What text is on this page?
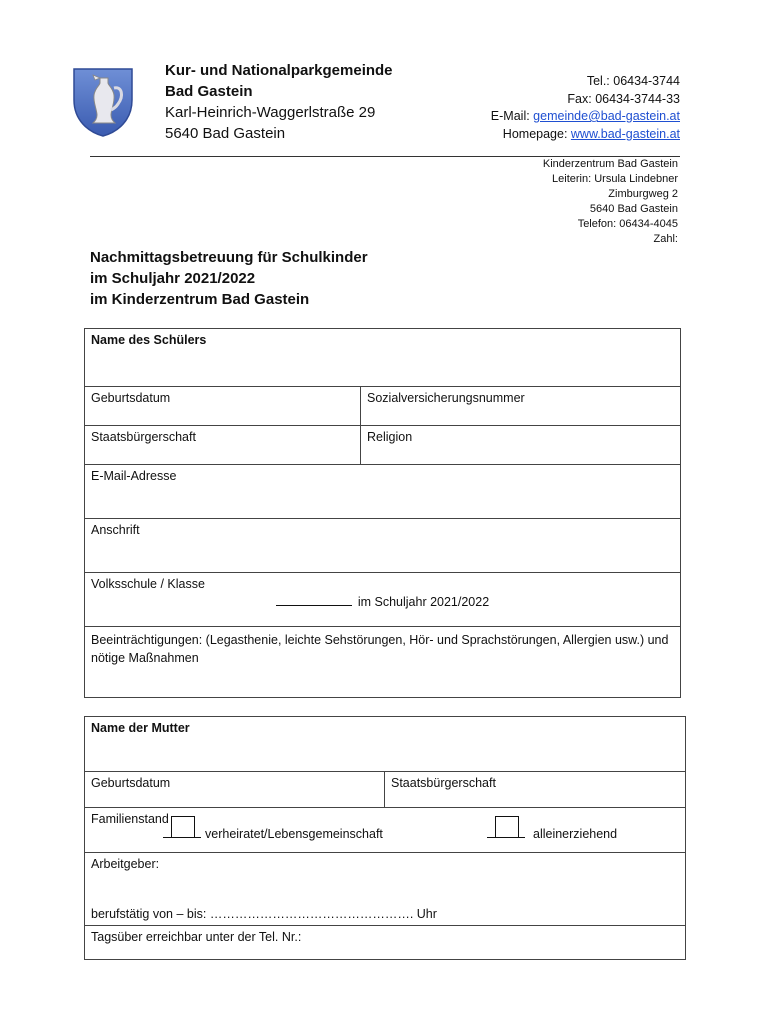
Kur- und Nationalparkgemeinde
Bad Gastein
Karl-Heinrich-Waggerlstraße 29
5640 Bad Gastein
Tel.: 06434-3744
Fax: 06434-3744-33
E-Mail: gemeinde@bad-gastein.at
Homepage: www.bad-gastein.at
Kinderzentrum Bad Gastein
Leiterin: Ursula Lindebner
Zimburgweg 2
5640 Bad Gastein
Telefon: 06434-4045
Zahl:
Nachmittagsbetreuung für Schulkinder
im Schuljahr 2021/2022
im Kinderzentrum Bad Gastein
Name des Schülers	
Geburtsdatum	Sozialversicherungsnummer
Staatsbürgerschaft	Religion
E-Mail-Adresse	
Anschrift	

Volksschule / Klasse
im Schuljahr 2021/2022	

Beeinträchtigungen: (Legasthenie, leichte Sehstörungen, Hör- und Sprachstörungen, Allergien usw.) und nötige Maßnahmen	
Name der Mutter
Geburtsdatum	Staatsbürgerschaft

Familienstand
verheiratet/Lebensgemeinschaft	alleinerziehend

Arbeitgeber:
berufstätig von – bis: …………………………………………. Uhr

Tagsüber erreichbar unter der Tel. Nr.:
